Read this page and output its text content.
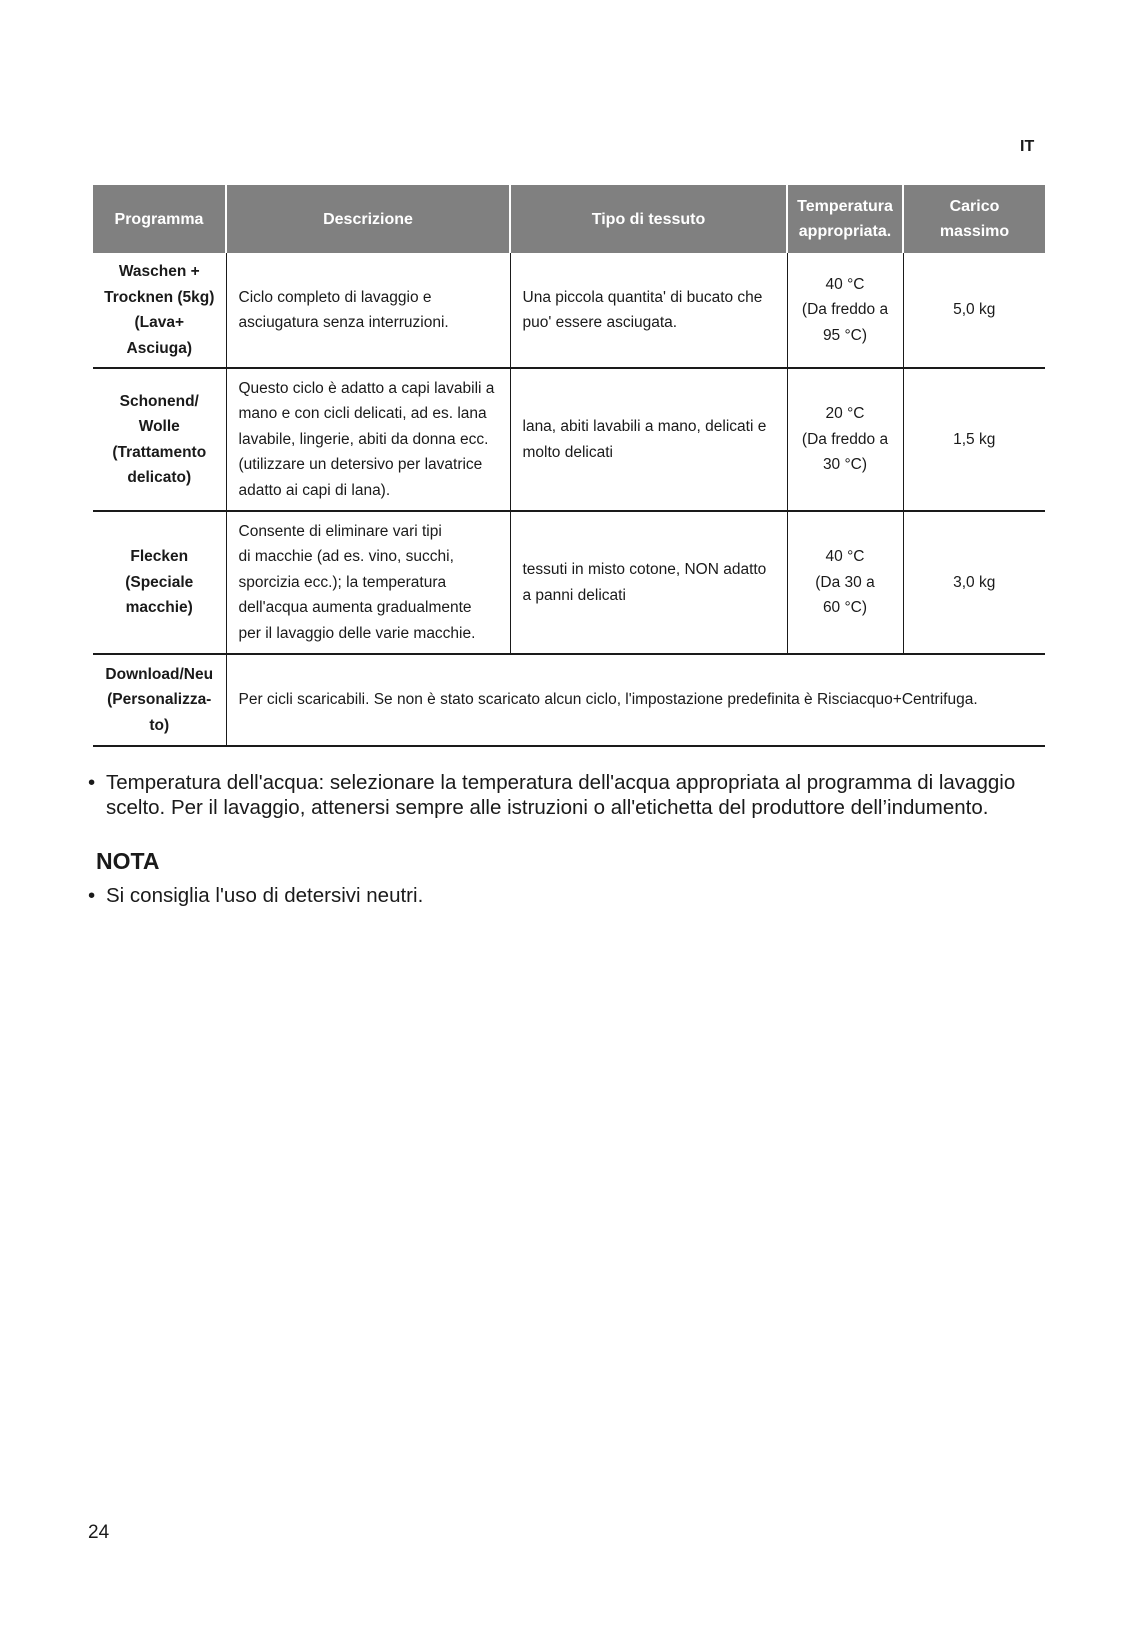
IT
Programma	Descrizione	Tipo di tessuto	Temperatura
appropriata.	Carico
massimo

Waschen +
Trocknen (5kg)
(Lava+
Asciuga)	Ciclo completo di lavaggio e
asciugatura senza interruzioni.	Una piccola quantita' di bucato che
puo' essere asciugata.	40 °C
(Da freddo a
95 °C)	5,0 kg

Schonend/
Wolle
(Trattamento
delicato)	Questo ciclo è adatto a capi lavabili a
mano e con cicli delicati, ad es. lana
lavabile, lingerie, abiti da donna ecc.
(utilizzare un detersivo per lavatrice
adatto ai capi di lana).	lana, abiti lavabili a mano, delicati e
molto delicati	20 °C
(Da freddo a
30 °C)	1,5 kg

Flecken
(Speciale
macchie)	Consente di eliminare vari tipi
di macchie (ad es. vino, succhi,
sporcizia ecc.); la temperatura
dell'acqua aumenta gradualmente
per il lavaggio delle varie macchie.	tessuti in misto cotone, NON adatto
a panni delicati	40 °C
(Da 30 a
60 °C)	3,0 kg

Download/Neu
(Personalizza-
to)	Per cicli scaricabili. Se non è stato scaricato alcun ciclo, l'impostazione predefinita è Risciacquo+Centrifuga.			
• Temperatura dell'acqua: selezionare la temperatura dell'acqua appropriata al programma di lavaggio
scelto. Per il lavaggio, attenersi sempre alle istruzioni o all'etichetta del produttore dell’indumento.
NOTA
• Si consiglia l'uso di detersivi neutri.
24
